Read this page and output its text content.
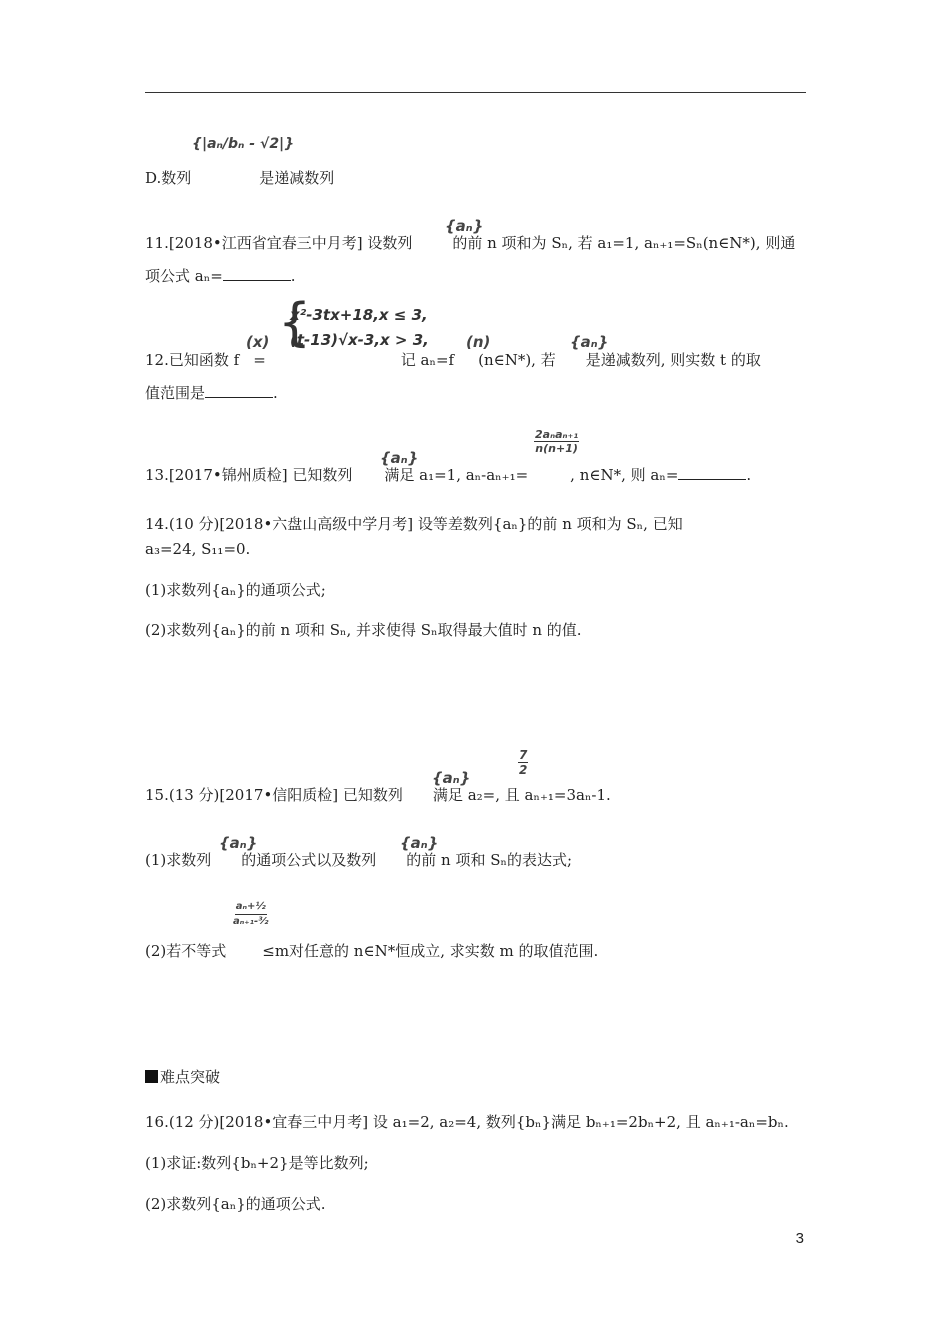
{|aₙ/bₙ - √2|}
D.数列	是递减数列
{aₙ}
11.[2018•江西省宜春三中月考] 设数列	的前 n 项和为 Sₙ, 若 a₁=1, aₙ₊₁=Sₙ(n∈N*), 则通
项公式 aₙ=	.
{
x²-3tx+18,x ≤ 3,
(t-13)√x-3,x > 3,
(x)	(n)	{aₙ}
12.已知函数 f =	记 aₙ=f (n∈N*), 若 是递减数列, 则实数 t 的取
值范围是	.
{aₙ}
$\frac{\text{2aₙaₙ₊₁}}{n(n+1)}$
13.[2017•锦州质检] 已知数列 满足 a₁=1, aₙ-aₙ₊₁=	, n∈N*, 则 aₙ=	.
14.(10 分)[2018•六盘山高级中学月考] 设等差数列{aₙ}的前 n 项和为 Sₙ, 已知
a₃=24, S₁₁=0.
(1)求数列{aₙ}的通项公式;
(2)求数列{aₙ}的前 n 项和 Sₙ, 并求使得 Sₙ取得最大值时 n 的值.
$\frac{7}{2}$
{aₙ}
15.(13 分)[2017•信阳质检] 已知数列 满足 a₂=, 且 aₙ₊₁=3aₙ-1.
{aₙ}	{aₙ}
(1)求数列 的通项公式以及数列 的前 n 项和 Sₙ的表达式;
$\frac{\text{aₙ+½}}{\text{aₙ₊₁-³⁄₂}}$
(2)若不等式 ≤m对任意的 n∈N*恒成立, 求实数 m 的取值范围.
难点突破
16.(12 分)[2018•宜春三中月考] 设 a₁=2, a₂=4, 数列{bₙ}满足 bₙ₊₁=2bₙ+2, 且 aₙ₊₁-aₙ=bₙ.
(1)求证:数列{bₙ+2}是等比数列;
(2)求数列{aₙ}的通项公式.
3
